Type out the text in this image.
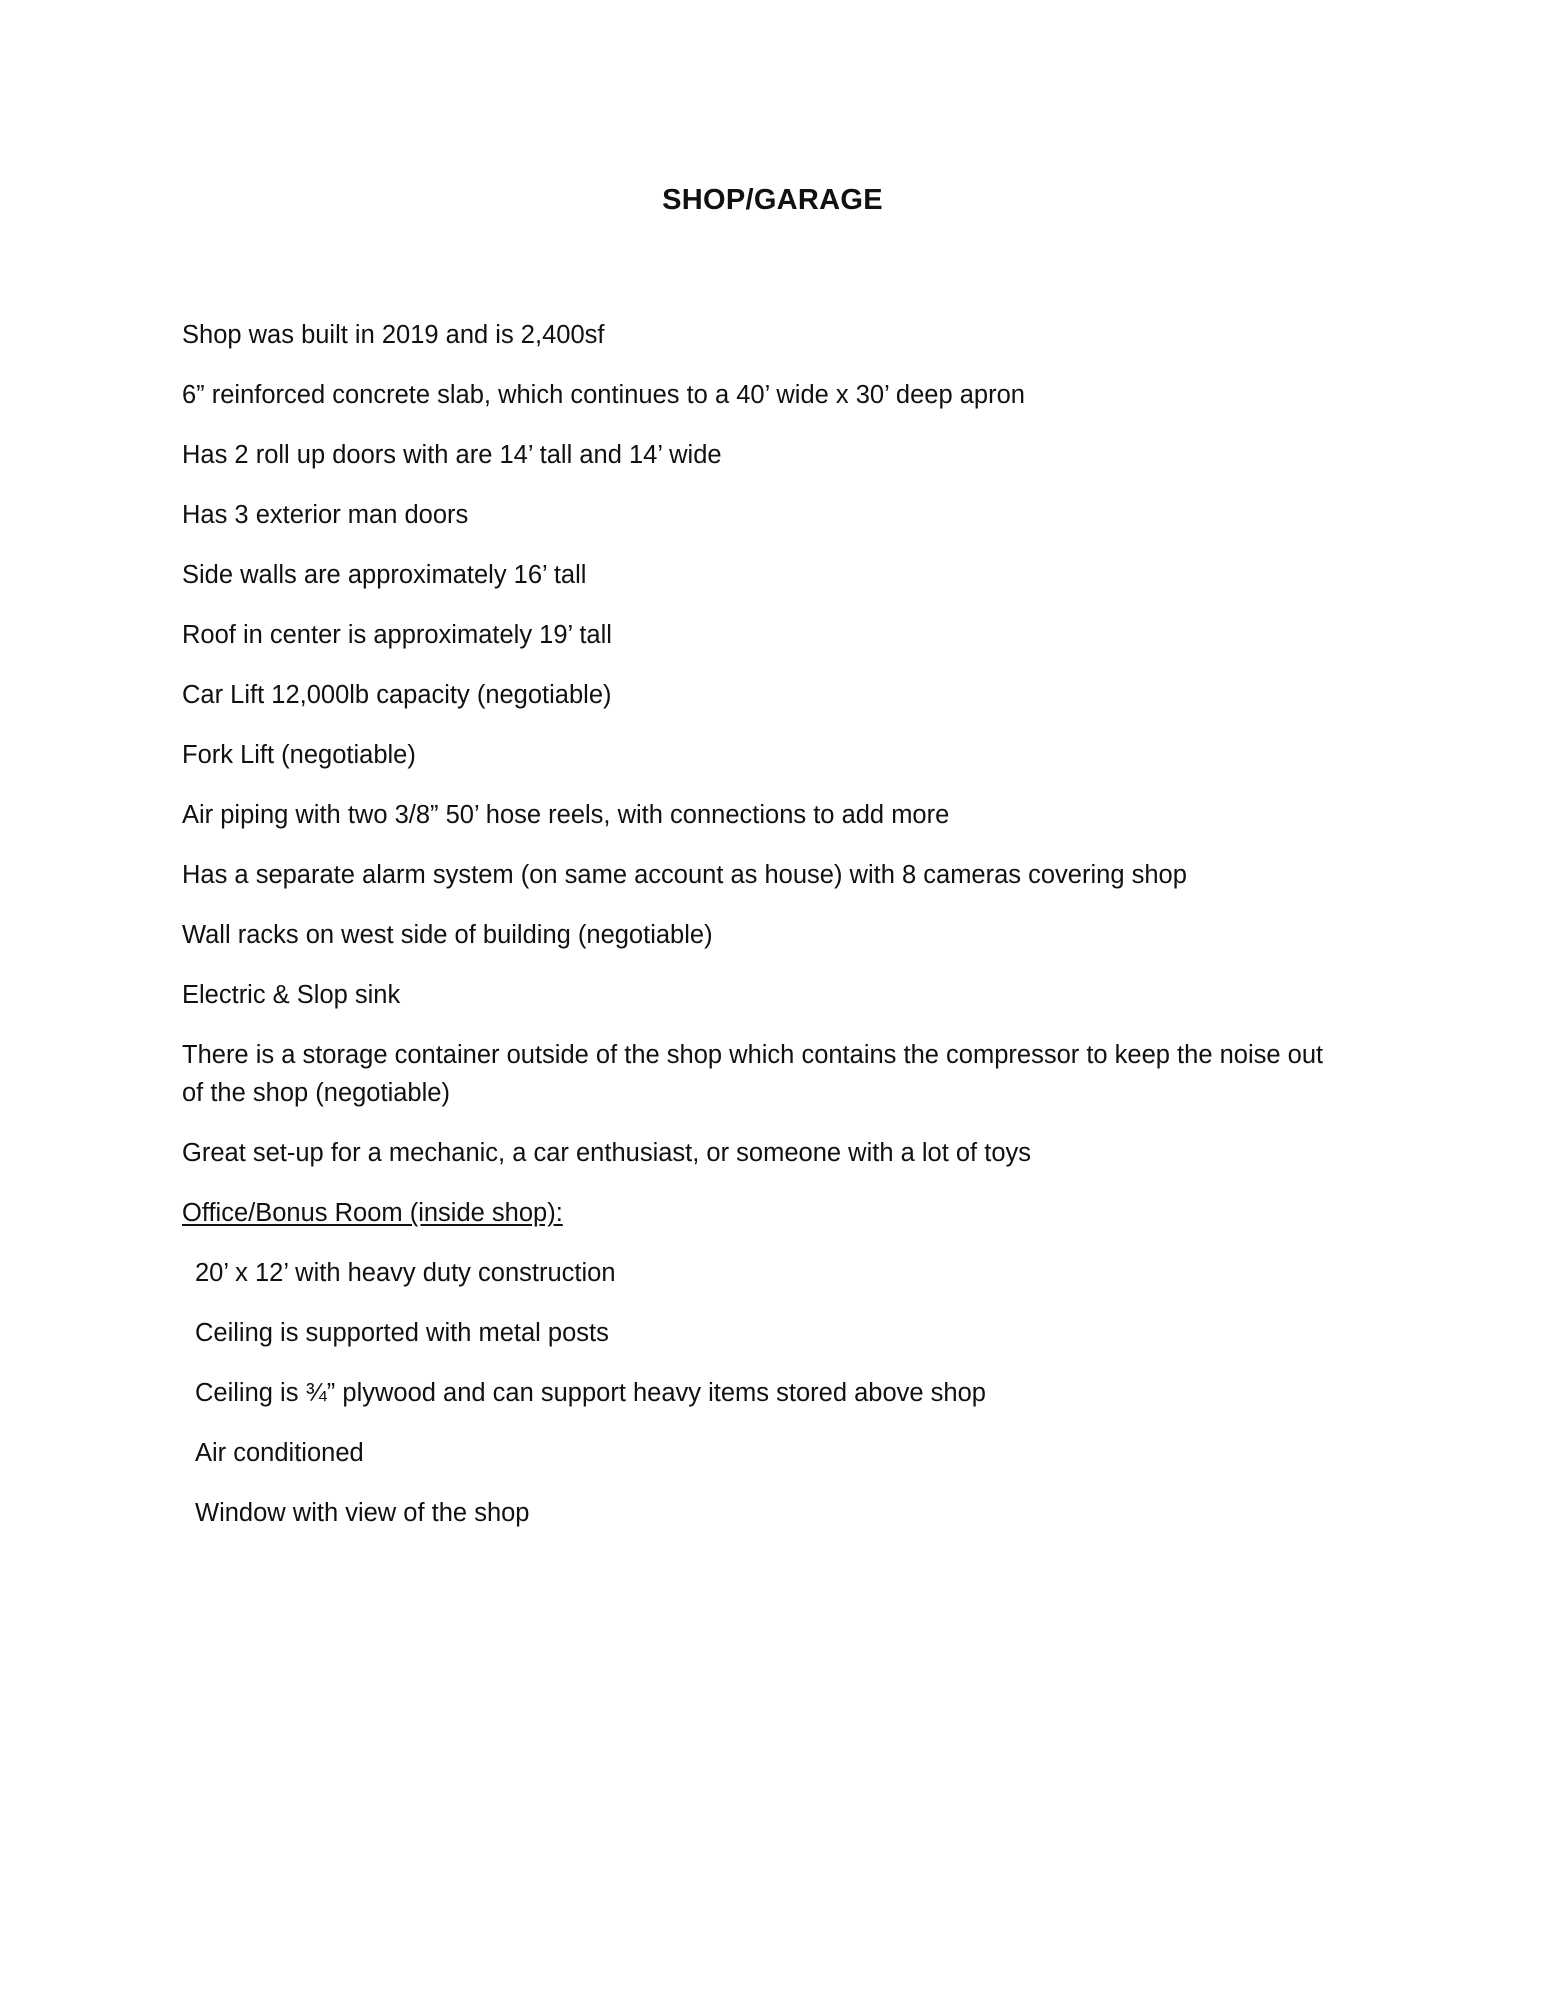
SHOP/GARAGE
Shop was built in 2019 and is 2,400sf
6” reinforced concrete slab, which continues to a 40’ wide x 30’ deep apron
Has 2 roll up doors with are 14’ tall and 14’ wide
Has 3 exterior man doors
Side walls are approximately 16’ tall
Roof in center is approximately 19’ tall
Car Lift 12,000lb capacity (negotiable)
Fork Lift (negotiable)
Air piping with two 3/8” 50’ hose reels, with connections to add more
Has a separate alarm system (on same account as house) with 8 cameras covering shop
Wall racks on west side of building (negotiable)
Electric & Slop sink
There is a storage container outside of the shop which contains the compressor to keep the noise out of the shop (negotiable)
Great set-up for a mechanic, a car enthusiast, or someone with a lot of toys
Office/Bonus Room (inside shop):
20’ x 12’ with heavy duty construction
Ceiling is supported with metal posts
Ceiling is ¾” plywood and can support heavy items stored above shop
Air conditioned
Window with view of the shop
